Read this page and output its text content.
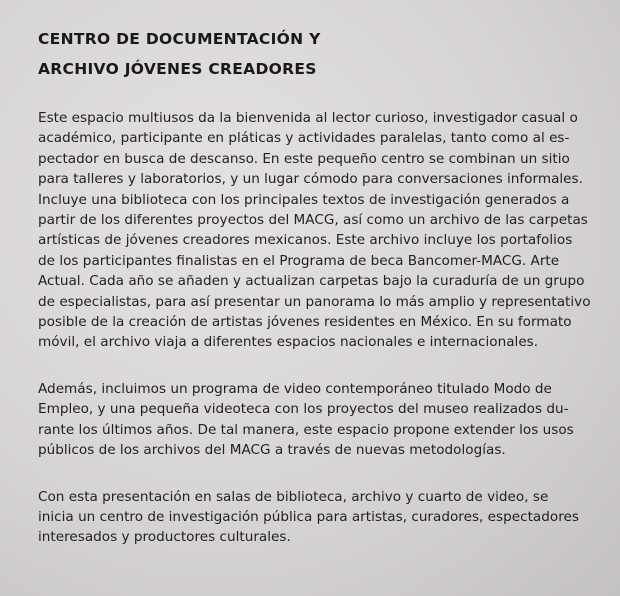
CENTRO DE DOCUMENTACIÓN Y
ARCHIVO JÓVENES CREADORES

Este espacio multiusos da la bienvenida al lector curioso, investigador casual o
académico, participante en pláticas y actividades paralelas, tanto como al es-
pectador en busca de descanso. En este pequeño centro se combinan un sitio
para talleres y laboratorios, y un lugar cómodo para conversaciones informales.
Incluye una biblioteca con los principales textos de investigación generados a
partir de los diferentes proyectos del MACG, así como un archivo de las carpetas
artísticas de jóvenes creadores mexicanos. Este archivo incluye los portafolios
de los participantes finalistas en el Programa de beca Bancomer-MACG. Arte
Actual. Cada año se añaden y actualizan carpetas bajo la curaduría de un grupo
de especialistas, para así presentar un panorama lo más amplio y representativo
posible de la creación de artistas jóvenes residentes en México. En su formato
móvil, el archivo viaja a diferentes espacios nacionales e internacionales.

Además, incluimos un programa de video contemporáneo titulado Modo de
Empleo, y una pequeña videoteca con los proyectos del museo realizados du-
rante los últimos años. De tal manera, este espacio propone extender los usos
públicos de los archivos del MACG a través de nuevas metodologías.

Con esta presentación en salas de biblioteca, archivo y cuarto de video, se
inicia un centro de investigación pública para artistas, curadores, espectadores
interesados y productores culturales.
